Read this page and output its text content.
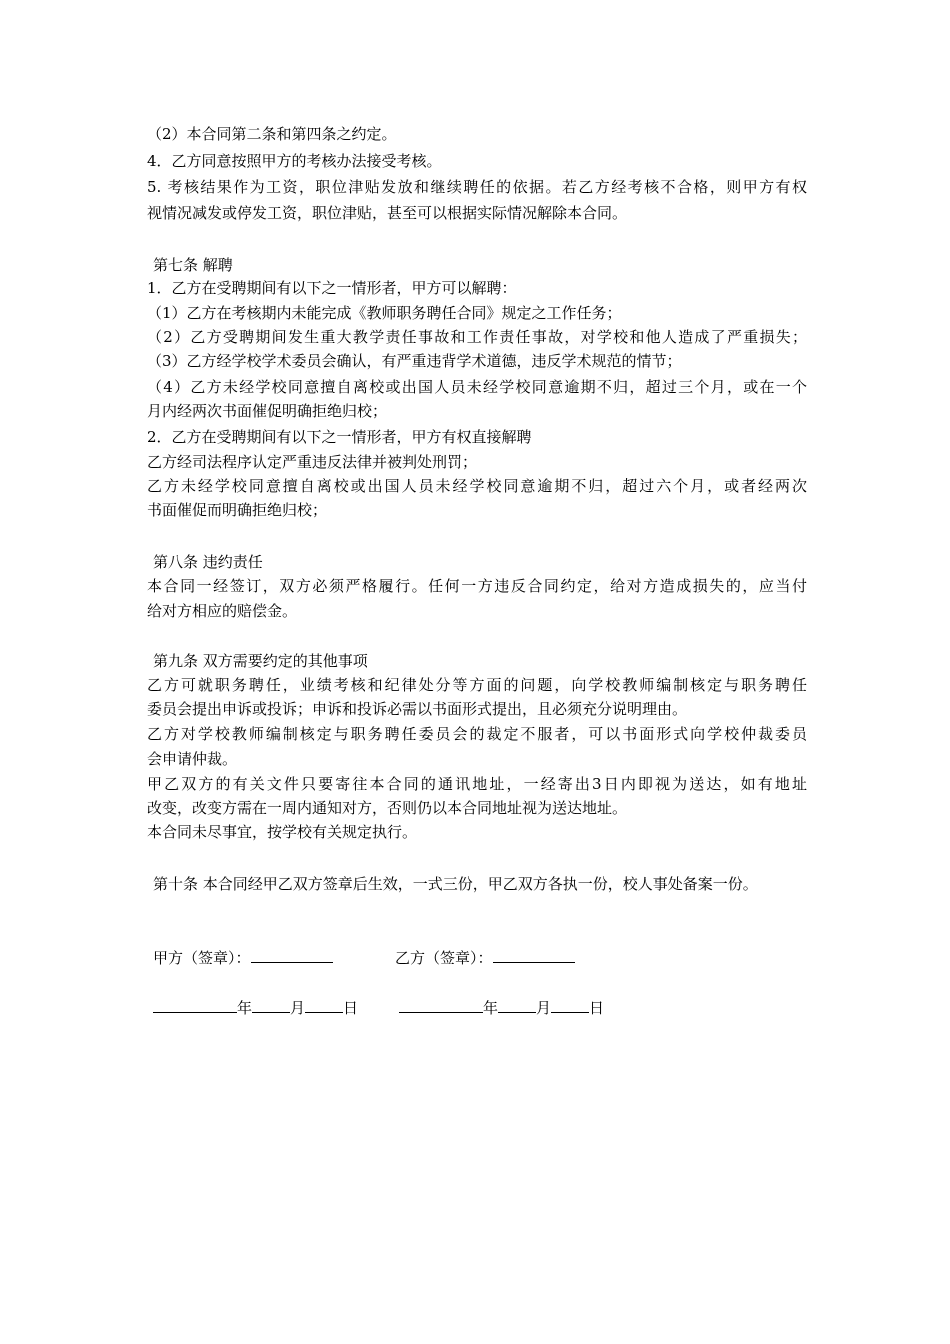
（2）本合同第二条和第四条之约定。
4．乙方同意按照甲方的考核办法接受考核。
5. 考核结果作为工资，职位津贴发放和继续聘任的依据。若乙方经考核不合格，则甲方有权
视情况减发或停发工资，职位津贴，甚至可以根据实际情况解除本合同。
第七条 解聘
1．乙方在受聘期间有以下之一情形者，甲方可以解聘：
（1）乙方在考核期内未能完成《教师职务聘任合同》规定之工作任务；
（2）乙方受聘期间发生重大教学责任事故和工作责任事故，对学校和他人造成了严重损失；
（3）乙方经学校学术委员会确认，有严重违背学术道德，违反学术规范的情节；
（4）乙方未经学校同意擅自离校或出国人员未经学校同意逾期不归，超过三个月，或在一个
月内经两次书面催促明确拒绝归校；
2．乙方在受聘期间有以下之一情形者，甲方有权直接解聘
乙方经司法程序认定严重违反法律并被判处刑罚；
乙方未经学校同意擅自离校或出国人员未经学校同意逾期不归，超过六个月，或者经两次
书面催促而明确拒绝归校；
第八条 违约责任
本合同一经签订，双方必须严格履行。任何一方违反合同约定，给对方造成损失的，应当付
给对方相应的赔偿金。
第九条 双方需要约定的其他事项
乙方可就职务聘任，业绩考核和纪律处分等方面的问题，向学校教师编制核定与职务聘任
委员会提出申诉或投诉；申诉和投诉必需以书面形式提出，且必须充分说明理由。
乙方对学校教师编制核定与职务聘任委员会的裁定不服者，可以书面形式向学校仲裁委员
会申请仲裁。
甲乙双方的有关文件只要寄往本合同的通讯地址，一经寄出3日内即视为送达，如有地址
改变，改变方需在一周内通知对方，否则仍以本合同地址视为送达地址。
本合同未尽事宜，按学校有关规定执行。
第十条 本合同经甲乙双方签章后生效，一式三份，甲乙双方各执一份，校人事处备案一份。
甲方（签章）：	乙方（签章）：
年	月	日	年	月	日
